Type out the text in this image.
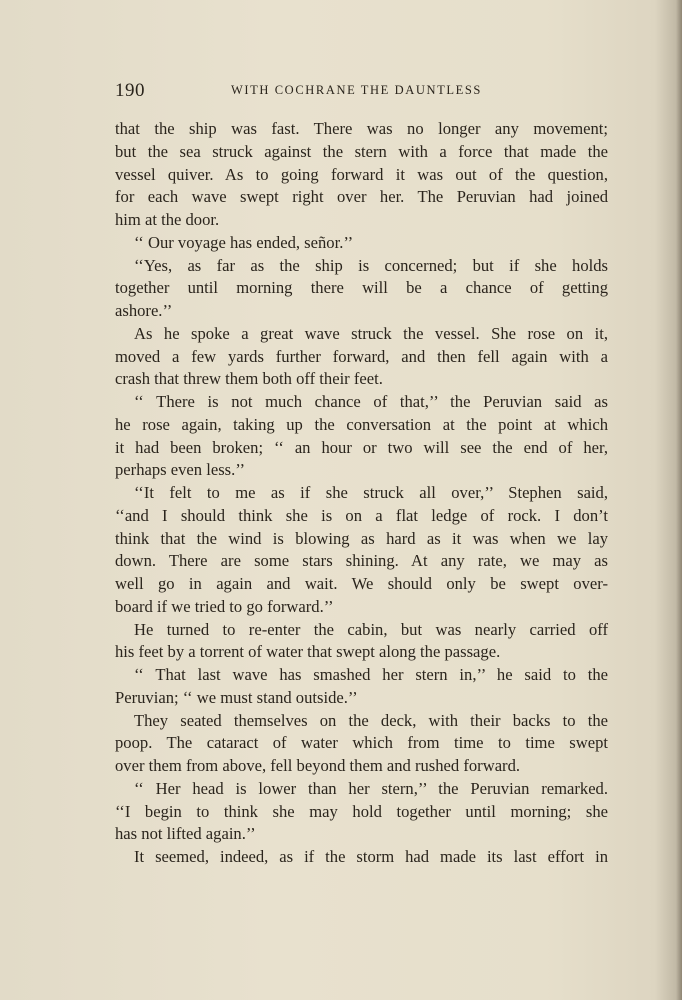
190	WITH COCHRANE THE DAUNTLESS

that the ship was fast. There was no longer any movement;

but the sea struck against the stern with a force that made the

vessel quiver. As to going forward it was out of the question,

for each wave swept right over her. The Peruvian had joined

him at the door.

‘‘ Our voyage has ended, señor.’’

‘‘Yes, as far as the ship is concerned; but if she holds

together until morning there will be a chance of getting

ashore.’’

As he spoke a great wave struck the vessel. She rose on it,

moved a few yards further forward, and then fell again with a

crash that threw them both off their feet.

‘‘ There is not much chance of that,’’ the Peruvian said as

he rose again, taking up the conversation at the point at which

it had been broken; ‘‘ an hour or two will see the end of her,

perhaps even less.’’

‘‘It felt to me as if she struck all over,’’ Stephen said,

‘‘and I should think she is on a flat ledge of rock. I don’t

think that the wind is blowing as hard as it was when we lay

down. There are some stars shining. At any rate, we may as

well go in again and wait. We should only be swept over-

board if we tried to go forward.’’

He turned to re-enter the cabin, but was nearly carried off

his feet by a torrent of water that swept along the passage.

‘‘ That last wave has smashed her stern in,’’ he said to the

Peruvian; ‘‘ we must stand outside.’’

They seated themselves on the deck, with their backs to the

poop. The cataract of water which from time to time swept

over them from above, fell beyond them and rushed forward.

‘‘ Her head is lower than her stern,’’ the Peruvian remarked.

‘‘I begin to think she may hold together until morning; she

has not lifted again.’’

It seemed, indeed, as if the storm had made its last effort in
